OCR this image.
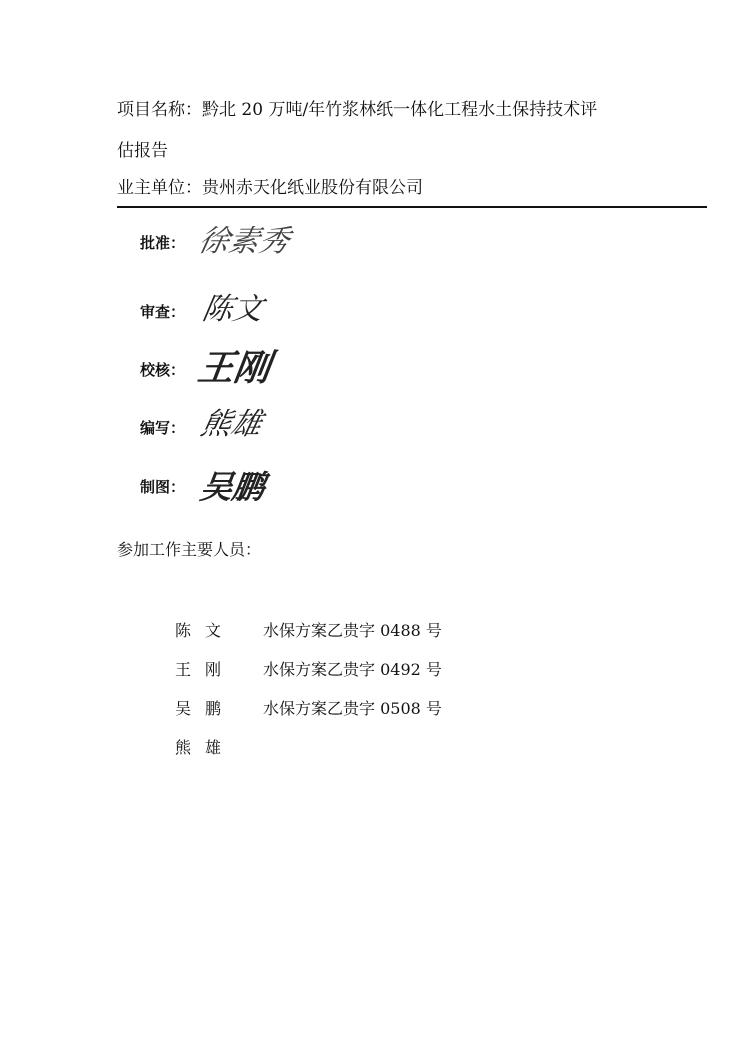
项目名称：黔北 20 万吨/年竹浆林纸一体化工程水土保持技术评
估报告
业主单位：贵州赤天化纸业股份有限公司
批准： 徐素秀
审查： 陈文
校核： 王刚
编写： 熊雄
制图： 吴鹏
参加工作主要人员：
陈文 水保方案乙贵字 0488 号
王刚 水保方案乙贵字 0492 号
吴鹏 水保方案乙贵字 0508 号
熊雄
